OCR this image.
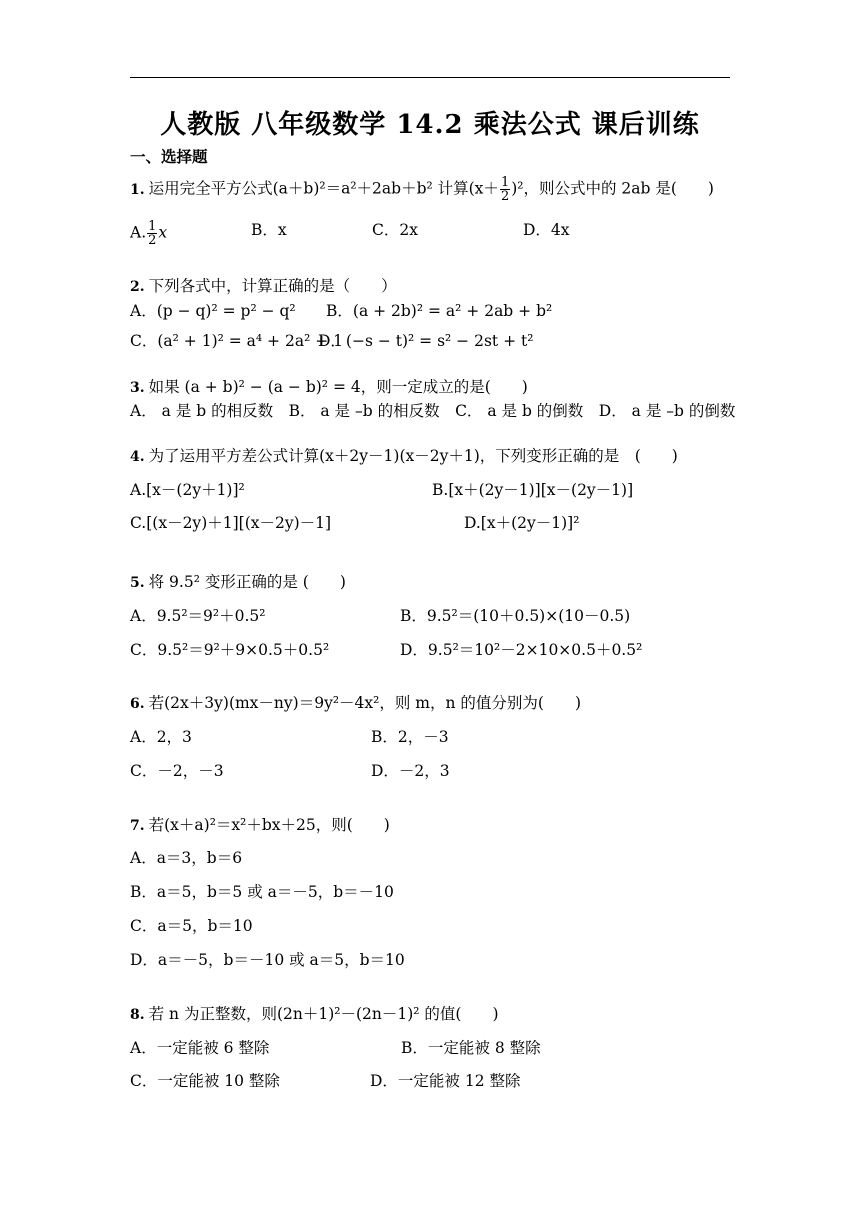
人教版 八年级数学 14.2 乘法公式 课后训练
一、选择题
1. 运用完全平方公式(a＋b)²＝a²＋2ab＋b² 计算$(x+ \frac{1}{2} )^2$，则公式中的 2ab 是(　　)
A. $\frac{1}{2}$ x	B．x	C．2x	D．4x
2. 下列各式中，计算正确的是（　　）
A．(p − q)² = p² − q² B．(a + 2b)² = a² + 2ab + b²
C．(a² + 1)² = a⁴ + 2a² + 1
D．(−s − t)² = s² − 2st + t²
3. 如果 (a + b)² − (a − b)² = 4，则一定成立的是(　　)
A． a 是 b 的相反数　B． a 是 –b 的相反数　C． a 是 b 的倒数　D． a 是 –b 的倒数
4. 为了运用平方差公式计算(x＋2y－1)(x－2y＋1)，下列变形正确的是　(　　)
A.[x－(2y＋1)]²	B.[x＋(2y－1)][x－(2y－1)]
C.[(x－2y)＋1][(x－2y)－1]	D.[x＋(2y－1)]²
5. 将 9.5² 变形正确的是 (　　)
A．9.5²＝9²＋0.5²	B．9.5²＝(10＋0.5)×(10－0.5)
C．9.5²＝9²＋9×0.5＋0.5²	D．9.5²＝10²－2×10×0.5＋0.5²
6. 若(2x＋3y)(mx－ny)＝9y²－4x²，则 m，n 的值分别为(　　)
A．2，3	B．2，－3
C．－2，－3	D．－2，3
7. 若(x＋a)²＝x²＋bx＋25，则(　　)
A．a＝3，b＝6
B．a＝5，b＝5 或 a＝－5，b＝－10
C．a＝5，b＝10
D．a＝－5，b＝－10 或 a＝5，b＝10
8. 若 n 为正整数，则(2n＋1)²－(2n－1)² 的值(　　)
A．一定能被 6 整除	B．一定能被 8 整除
C．一定能被 10 整除	D．一定能被 12 整除
